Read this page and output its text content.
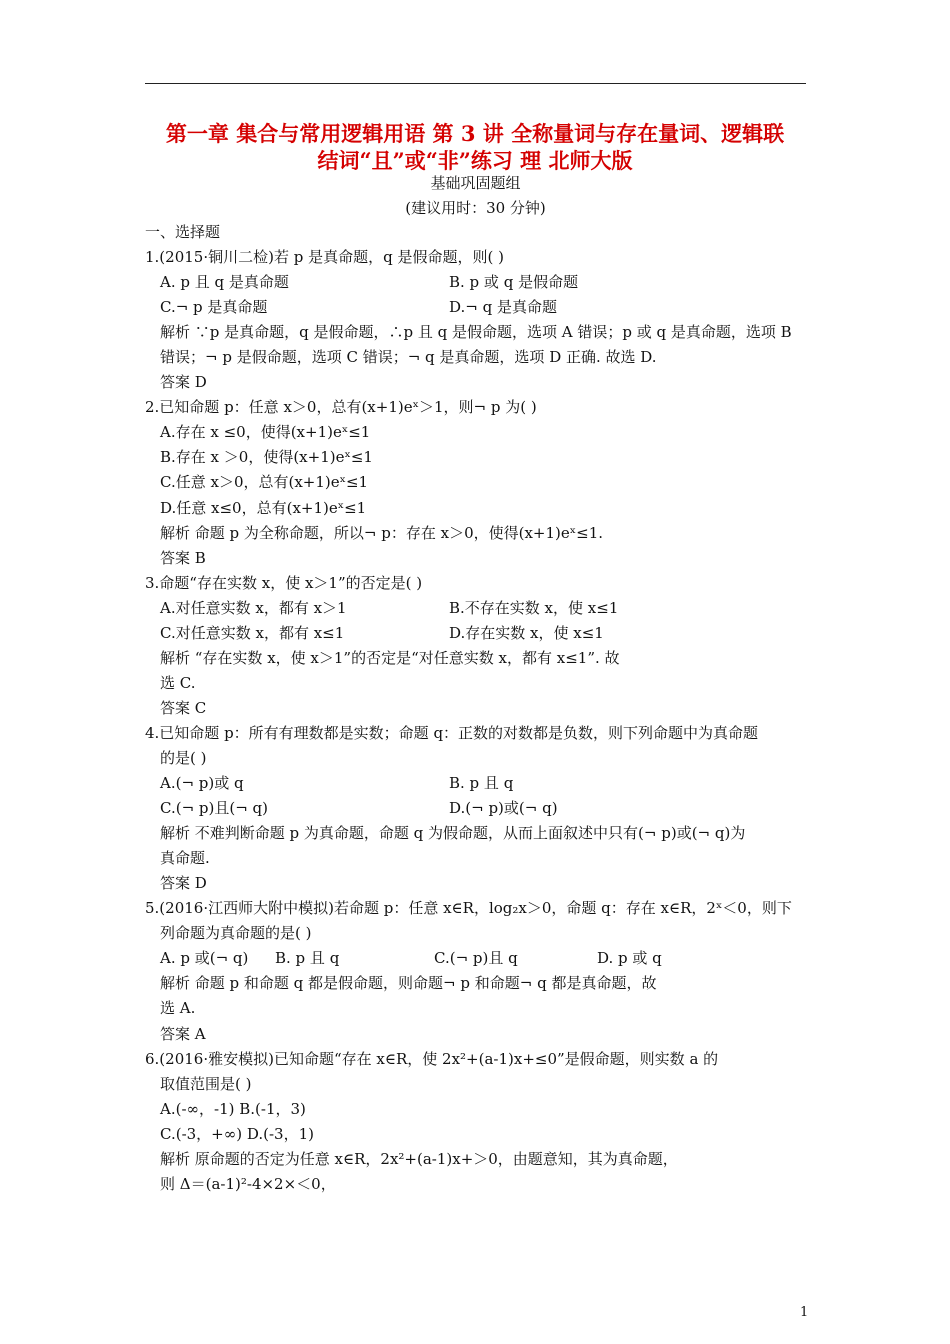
第一章 集合与常用逻辑用语 第 3 讲 全称量词与存在量词、逻辑联
结词“且”或“非”练习 理 北师大版
基础巩固题组
(建议用时：30 分钟)
一、选择题
1.(2015·铜川二检)若 p 是真命题，q 是假命题，则( )
A. p 且 q 是真命题	B. p 或 q 是假命题
C.¬ p 是真命题	D.¬ q 是真命题
解析 ∵p 是真命题，q 是假命题，∴p 且 q 是假命题，选项 A 错误；p 或 q 是真命题，选项 B
错误；¬ p 是假命题，选项 C 错误；¬ q 是真命题，选项 D 正确. 故选 D.
答案 D
2.已知命题 p：任意 x＞0，总有(x+1)eˣ＞1，则¬ p 为( )
A.存在 x ≤0，使得(x+1)eˣ≤1
B.存在 x ＞0，使得(x+1)eˣ≤1
C.任意 x＞0，总有(x+1)eˣ≤1
D.任意 x≤0，总有(x+1)eˣ≤1
解析 命题 p 为全称命题，所以¬ p：存在 x＞0，使得(x+1)eˣ≤1.
答案 B
3.命题“存在实数 x，使 x＞1”的否定是( )
A.对任意实数 x，都有 x＞1	B.不存在实数 x，使 x≤1
C.对任意实数 x，都有 x≤1	D.存在实数 x，使 x≤1
解析 “存在实数 x，使 x＞1”的否定是“对任意实数 x，都有 x≤1”. 故
选 C.
答案 C
4.已知命题 p：所有有理数都是实数；命题 q：正数的对数都是负数，则下列命题中为真命题
的是( )
A.(¬ p)或 q	B. p 且 q
C.(¬ p)且(¬ q)	D.(¬ p)或(¬ q)
解析 不难判断命题 p 为真命题，命题 q 为假命题，从而上面叙述中只有(¬ p)或(¬ q)为
真命题.
答案 D
5.(2016·江西师大附中模拟)若命题 p：任意 x∈R，log₂x＞0，命题 q：存在 x∈R，2ˣ＜0，则下
列命题为真命题的是( )
A. p 或(¬ q) B. p 且 q	C.(¬ p)且 q	D. p 或 q
解析 命题 p 和命题 q 都是假命题，则命题¬ p 和命题¬ q 都是真命题，故
选 A.
答案 A
6.(2016·雅安模拟)已知命题“存在 x∈R，使 2x²+(a-1)x+≤0”是假命题，则实数 a 的
取值范围是( )
A.(-∞，-1) B.(-1，3)
C.(-3，+∞) D.(-3，1)
解析 原命题的否定为任意 x∈R，2x²+(a-1)x+＞0，由题意知，其为真命题，
则 Δ＝(a-1)²-4×2×＜0，
1
